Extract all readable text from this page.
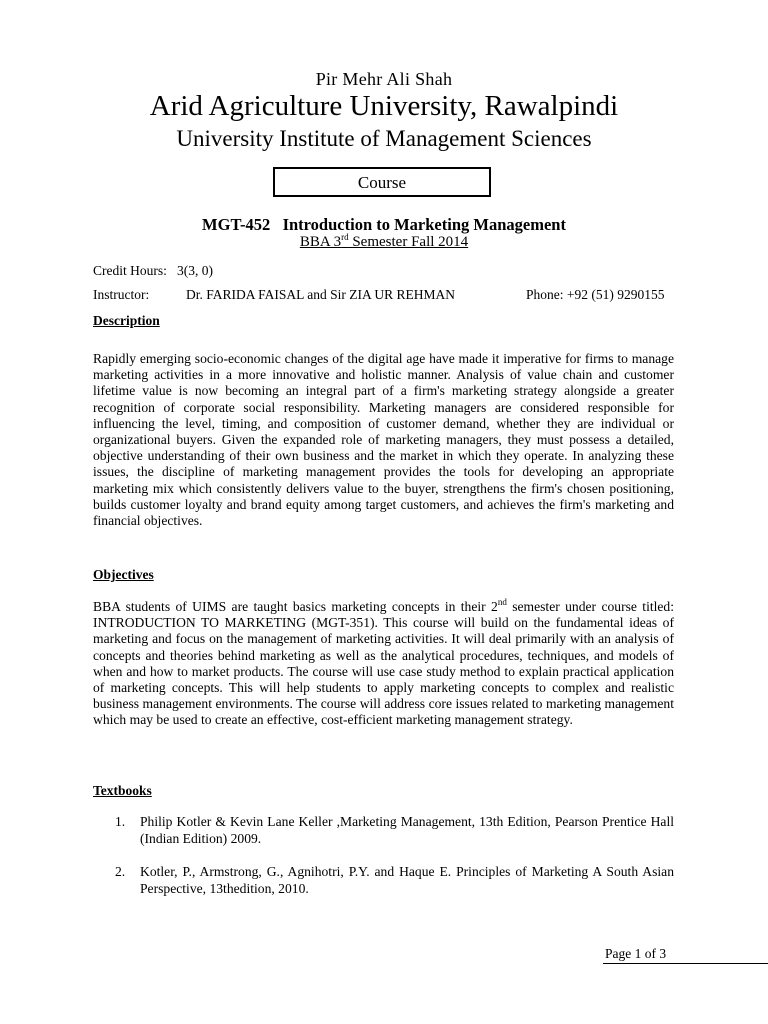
Pir Mehr Ali Shah
Arid Agriculture University, Rawalpindi
University Institute of Management Sciences
Course
MGT-452   Introduction to Marketing Management
BBA 3rd Semester Fall 2014
Credit Hours: 3(3, 0)
Instructor:	Dr. FARIDA FAISAL and Sir ZIA UR REHMAN	Phone: +92 (51) 9290155
Description
Rapidly emerging socio-economic changes of the digital age have made it imperative for firms to manage marketing activities in a more innovative and holistic manner. Analysis of value chain and customer lifetime value is now becoming an integral part of a firm's marketing strategy alongside a greater recognition of corporate social responsibility. Marketing managers are considered responsible for influencing the level, timing, and composition of customer demand, whether they are individual or organizational buyers. Given the expanded role of marketing managers, they must possess a detailed, objective understanding of their own business and the market in which they operate. In analyzing these issues, the discipline of marketing management provides the tools for developing an appropriate marketing mix which consistently delivers value to the buyer, strengthens the firm's chosen positioning, builds customer loyalty and brand equity among target customers, and achieves the firm's marketing and financial objectives.
Objectives
BBA students of UIMS are taught basics marketing concepts in their 2nd semester under course titled: INTRODUCTION TO MARKETING (MGT-351). This course will build on the fundamental ideas of marketing and focus on the management of marketing activities. It will deal primarily with an analysis of concepts and theories behind marketing as well as the analytical procedures, techniques, and models of when and how to market products. The course will use case study method to explain practical application of marketing concepts. This will help students to apply marketing concepts to complex and realistic business management environments. The course will address core issues related to marketing management which may be used to create an effective, cost-efficient marketing management strategy.
Textbooks
1.	Philip Kotler & Kevin Lane Keller ,Marketing Management, 13th Edition, Pearson Prentice Hall (Indian Edition) 2009.
2.	Kotler, P., Armstrong, G., Agnihotri, P.Y. and Haque E. Principles of Marketing A South Asian Perspective, 13thedition, 2010.
Page 1 of 3
